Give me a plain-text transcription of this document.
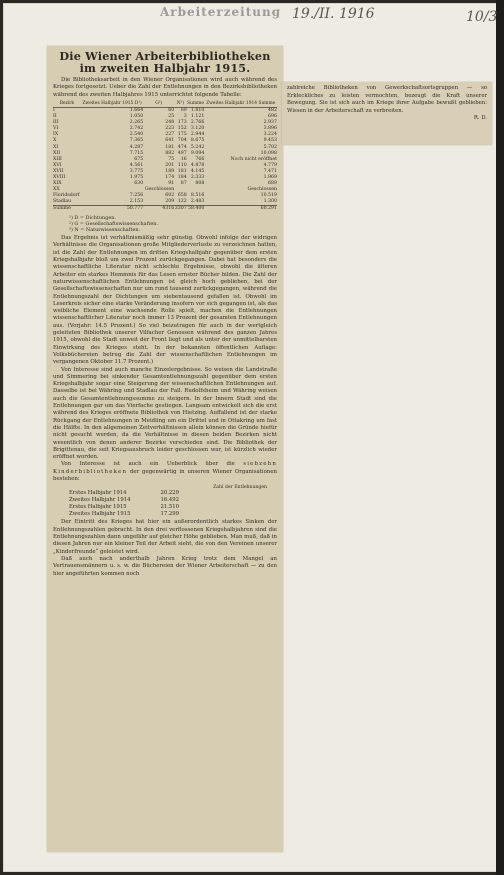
Arbeiterzeitung 19./II. 1916	10/3
Die Wiener Arbeiterbibliotheken im zweiten Halbjahr 1915.

Die Bibliotheksarbeit in den Wiener Organisationen wird auch während des Krieges fortgesetzt. Ueber die Zahl der Entlehnungen in den Bezirksbibliotheken während des zweiten Halbjahres 1915 unterrichtet folgende Tabelle:

Bezirk	Zweites Halbjahr 1915 D¹)	G²)	N³)	Summe	Zweites Halbjahr 1914 Summe
I	1.664	60	89	1.810	482
II	1.050	25	3	1.121	696
III	2.265	248	173	2.766	2.937
VI	2.742	223	152	3.120	3.896
IX	2.540	227	175	2.944	3.224
X	7.365	641	704	8.675	9.453
XI	4.287	181	474	5.242	5.702
XII	7.715	882	497	9.094	10.098
XIII	675	75	16	766	Noch nicht eröffnet
XVI	4.561	201	110	4.878	4.779
XVII	3.775	189	181	4.145	7.471
XVIII	1.975	174	184	2.333	1.969
XIX	630	91	87	808	689
XX		Geschlossen			Geschlossen
Floridsdorf	7.256	602	658	8.516	10.519
Stadlau	2.153	209	122	2.483	1.300
Summe	50.777	4316	3307	58.400	60.291
¹) D = Dichtungen.
²) G = Gesellschaftswissenschaften.
³) N = Naturwissenschaften.

Das Ergebnis ist verhältnismäßig sehr günstig. Obwohl infolge der widrigen Verhältnisse die Organisationen große Mitgliederverluste zu verzeichnen hatten, ist die Zahl der Entlehnungen im dritten Kriegshalbjahr gegenüber dem ersten Kriegshalbjahr bloß um zwei Prozent zurückgegangen. Dabei hat besonders die wissenschaftliche Literatur nicht schlechte Ergebnisse, obwohl die älteren Arbeiter ein starkes Hemmnis für das Lesen ernster Bücher bilden. Die Zahl der naturwissenschaftlichen Entlehnungen ist gleich hoch geblieben, bei der Gesellschaftswissenschaften nur um rund tausend zurückgegangen, während die Entlehnungszahl der Dichtungen um siebentausend gefallen ist. Obwohl im Leserkreis sicher eine starke Veränderung insofern vor sich gegangen ist, als das weibliche Element eine wachsende Rolle spielt, machen die Entlehnungen wissenschaftlicher Literatur noch immer 13 Prozent der gesamten Entlehnungen aus. (Vorjahr: 14.5 Prozent.) So viel beizutragen für auch in der wertgleich geleiteten Bibliothek unserer Vilfacher Genossen während des ganzen Jahres 1915, obwohl die Stadt unweit der Front liegt und als unter der unmittelbarsten Einwirkung des Krieges steht. In der bekannten öffentlichen Auflage: Volksbüchereien betrug die Zahl der wissenschaftlichen Entlehnungen im vergangenen Oktober 11.7 Prozent.)

Von Interesse sind auch manche Einzelergebnisse. So weisen die Landstraße und Simmering bei sinkender Gesamtentlehnungszahl gegenüber dem ersten Kriegshalbjahr sogar eine Steigerung der wissenschaftlichen Entlehnungen auf. Dasselbe ist bei Währing und Stadlau der Fall. Rudolfsheim und Währing weisen auch die Gesamtentlehnungssumme zu steigern. In der Innern Stadt sind die Entlehnungen gar um das Vierfache gestiegen. Langsam entwickelt sich die erst während des Krieges eröffnete Bibliothek von Hietzing. Auffallend ist der starke Rückgang der Entlehnungen in Meidling um ein Drittel und in Ottakring um fast die Hälfte. In den allgemeinen Zeitverhältnissen allein können die Gründe hiefür nicht gesucht werden, da die Verhältnisse in diesen beiden Bezirken nicht wesentlich von denen anderer Bezirke verschieden sind. Die Bibliothek der Brigittenau, die seit Kriegsausbruch leider geschlossen war, ist kürzlich wieder eröffnet worden.

Von Interesse ist auch ein Ueberblick über die siebzehn Kinderbibliotheken der gegenwärtig in unseren Wiener Organisationen bestehen:

Zahl der Entlehnungen
Erstes Halbjahr 1914	20.229
Zweites Halbjahr 1914	16.492
Erstes Halbjahr 1915	21.510
Zweites Halbjahr 1915	17.299

Der Eintritt des Krieges hat hier ein außerordentlich starkes Sinken der Entlehnungszahlen gebracht. In den drei verflossenen Kriegshalbjahren sind die Entlehnungszahlen dann ungefähr auf gleicher Höhe geblieben. Man muß, daß in diesen Jahren nur ein kleiner Teil der Arbeit sieht, die von den Vereinen unserer „Kinderfreunde“ geleistet wird.

Daß auch nach anderthalb Jahren Krieg trotz dem Mangel an Vertrauensmännern u. s. w. die Büchereien der Wiener Arbeiterschaft — zu den hier angeführten kommen noch

zahlreiche Bibliotheken von Gewerkschaftsortsgruppen — so Erkleckliches zu leisten vermochten, bezeugt die Kraft unserer Bewegung. Sie ist sich auch im Kriege ihrer Aufgabe bewußt geblieben: Wissen in der Arbeiterschaft zu verbreiten.
R. D.
